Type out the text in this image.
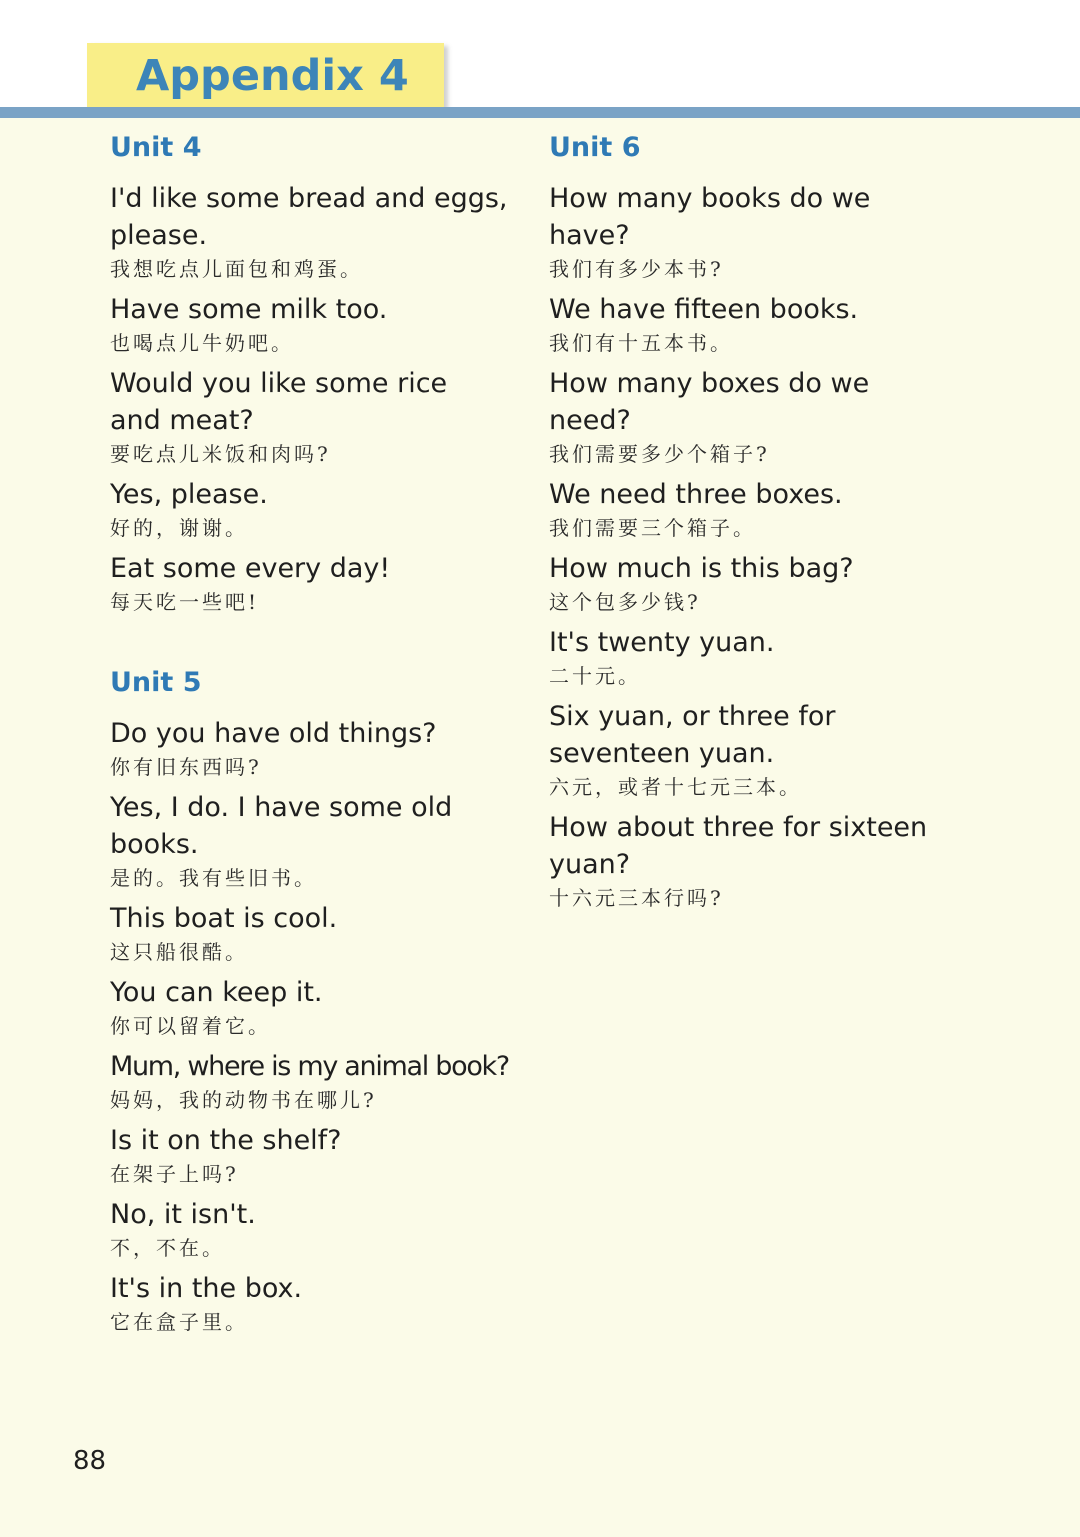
Appendix 4
Unit 4
I'd like some bread and eggs,
please.
我想吃点儿面包和鸡蛋。
Have some milk too.
也喝点儿牛奶吧。
Would you like some rice
and meat?
要吃点儿米饭和肉吗?
Yes, please.
好的，谢谢。
Eat some every day!
每天吃一些吧!
Unit 5
Do you have old things?
你有旧东西吗?
Yes, I do. I have some old
books.
是的。我有些旧书。
This boat is cool.
这只船很酷。
You can keep it.
你可以留着它。
Mum, where is my animal book?
妈妈，我的动物书在哪儿?
Is it on the shelf?
在架子上吗?
No, it isn't.
不，不在。
It's in the box.
它在盒子里。
Unit 6
How many books do we
have?
我们有多少本书?
We have fifteen books.
我们有十五本书。
How many boxes do we
need?
我们需要多少个箱子?
We need three boxes.
我们需要三个箱子。
How much is this bag?
这个包多少钱?
It's twenty yuan.
二十元。
Six yuan, or three for
seventeen yuan.
六元，或者十七元三本。
How about three for sixteen
yuan?
十六元三本行吗?
88
